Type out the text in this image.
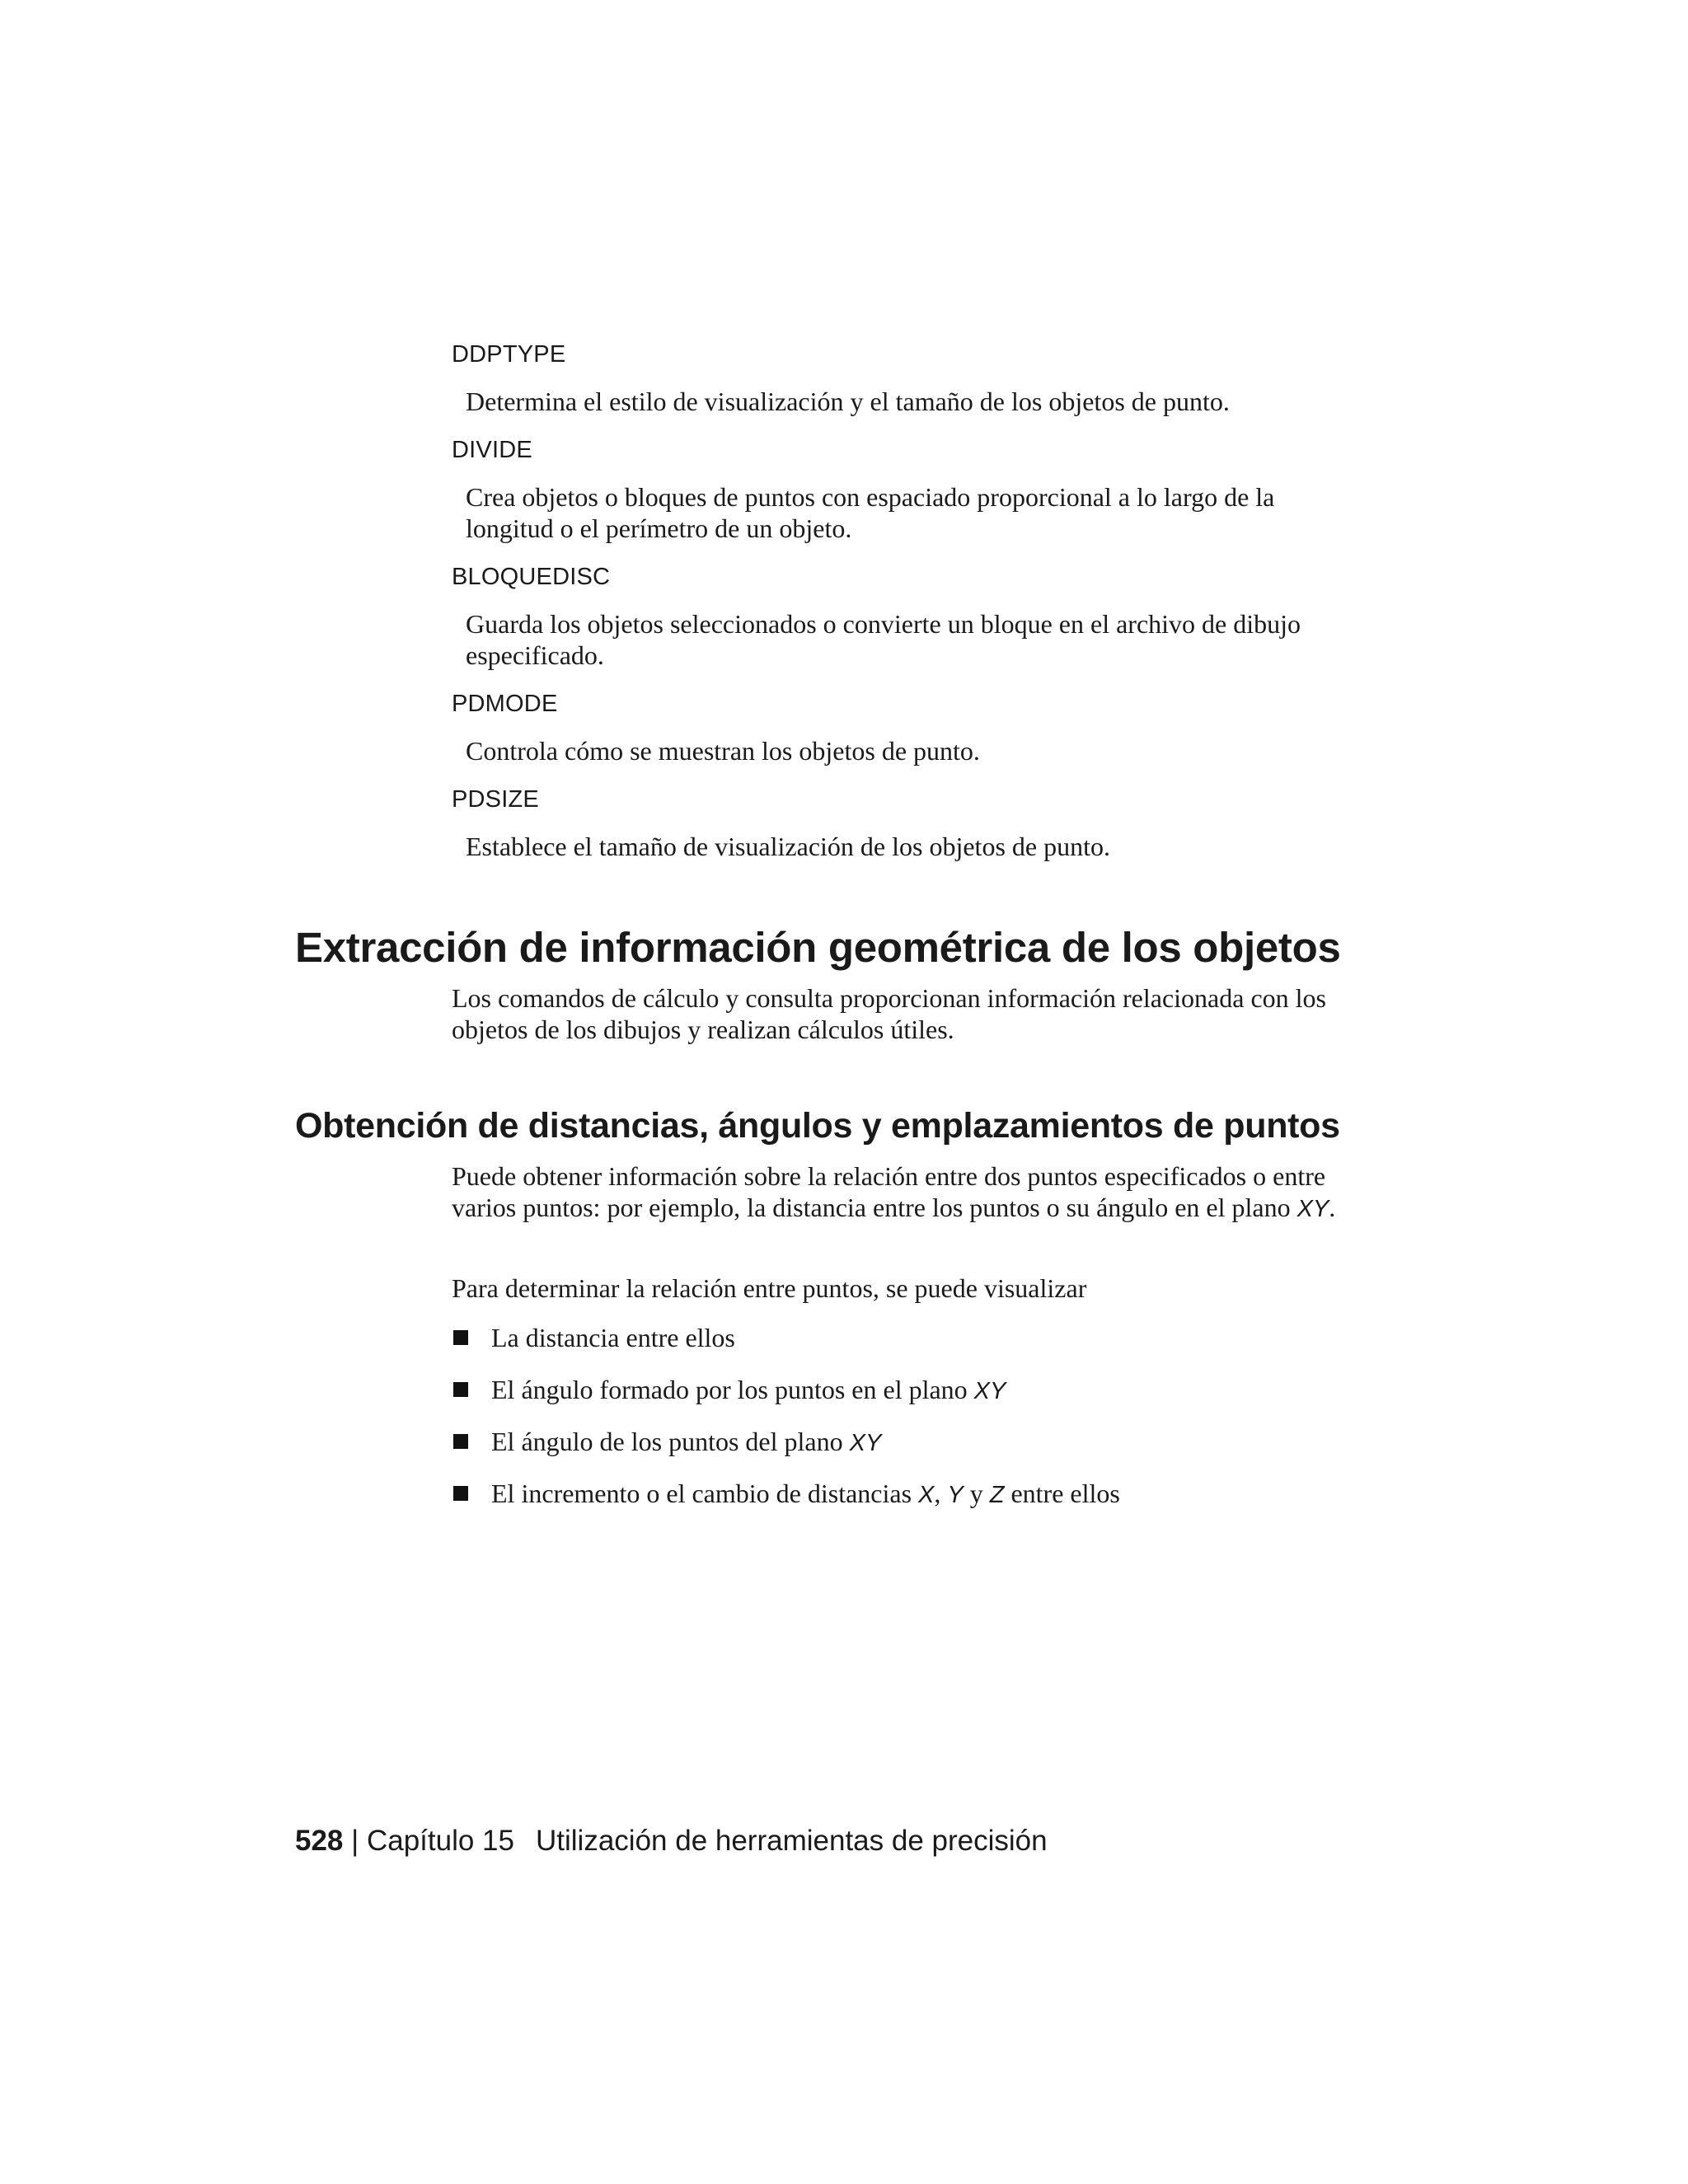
DDPTYPE

Determina el estilo de visualización y el tamaño de los objetos de punto.

DIVIDE

Crea objetos o bloques de puntos con espaciado proporcional a lo largo de la longitud o el perímetro de un objeto.

BLOQUEDISC

Guarda los objetos seleccionados o convierte un bloque en el archivo de dibujo especificado.

PDMODE

Controla cómo se muestran los objetos de punto.

PDSIZE

Establece el tamaño de visualización de los objetos de punto.

Extracción de información geométrica de los objetos

Los comandos de cálculo y consulta proporcionan información relacionada con los objetos de los dibujos y realizan cálculos útiles.

Obtención de distancias, ángulos y emplazamientos de puntos

Puede obtener información sobre la relación entre dos puntos especificados o entre varios puntos: por ejemplo, la distancia entre los puntos o su ángulo en el plano XY.

Para determinar la relación entre puntos, se puede visualizar

La distancia entre ellos
El ángulo formado por los puntos en el plano XY
El ángulo de los puntos del plano XY
El incremento o el cambio de distancias X, Y y Z entre ellos
528 | Capítulo 15 Utilización de herramientas de precisión
